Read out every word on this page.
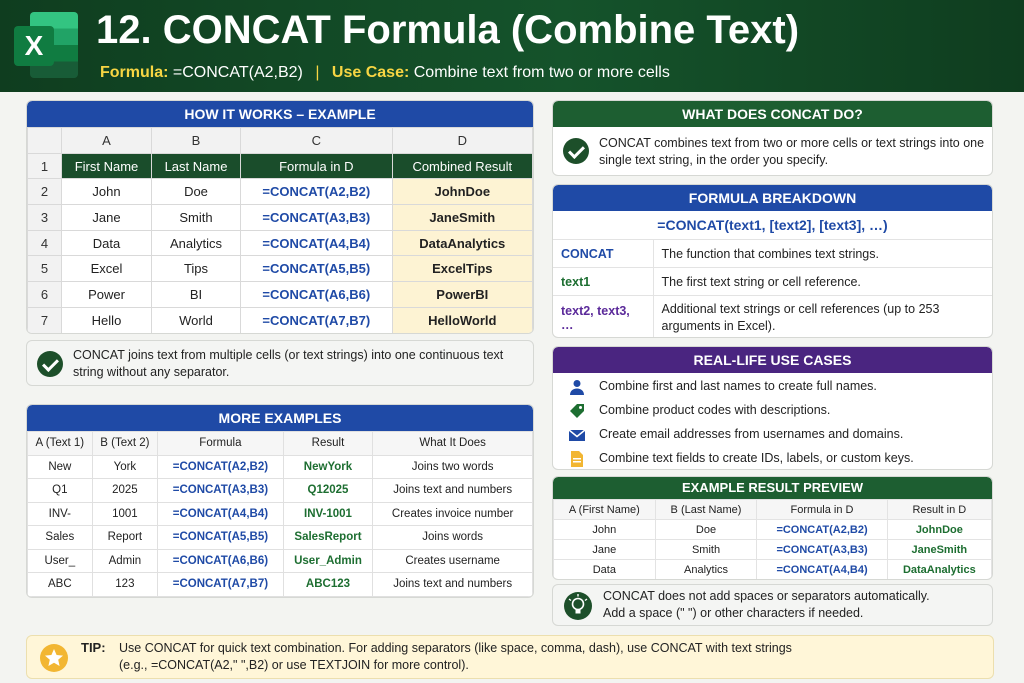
X 12. CONCAT Formula (Combine Text)
Formula: =CONCAT(A2,B2) | Use Case: Combine text from two or more cells
HOW IT WORKS – EXAMPLE
	A	B	C	D
1	First Name	Last Name	Formula in D	Combined Result
2	John	Doe	=CONCAT(A2,B2)	JohnDoe
3	Jane	Smith	=CONCAT(A3,B3)	JaneSmith
4	Data	Analytics	=CONCAT(A4,B4)	DataAnalytics
5	Excel	Tips	=CONCAT(A5,B5)	ExcelTips
6	Power	BI	=CONCAT(A6,B6)	PowerBI
7	Hello	World	=CONCAT(A7,B7)	HelloWorld
CONCAT joins text from multiple cells (or text strings) into one continuous text string without any separator.
MORE EXAMPLES
A (Text 1)	B (Text 2)	Formula	Result	What It Does
New	York	=CONCAT(A2,B2)	NewYork	Joins two words
Q1	2025	=CONCAT(A3,B3)	Q12025	Joins text and numbers
INV-	1001	=CONCAT(A4,B4)	INV-1001	Creates invoice number
Sales	Report	=CONCAT(A5,B5)	SalesReport	Joins words
User_	Admin	=CONCAT(A6,B6)	User_Admin	Creates username
ABC	123	=CONCAT(A7,B7)	ABC123	Joins text and numbers
WHAT DOES CONCAT DO?
CONCAT combines text from two or more cells or text strings into one single text string, in the order you specify.
FORMULA BREAKDOWN
=CONCAT(text1, [text2], [text3], …)
CONCAT	The function that combines text strings.
text1	The first text string or cell reference.
text2, text3, …	Additional text strings or cell references (up to 253 arguments in Excel).
REAL-LIFE USE CASES
Combine first and last names to create full names.
Combine product codes with descriptions.
Create email addresses from usernames and domains.
Combine text fields to create IDs, labels, or custom keys.
EXAMPLE RESULT PREVIEW
A (First Name)	B (Last Name)	Formula in D	Result in D
John	Doe	=CONCAT(A2,B2)	JohnDoe
Jane	Smith	=CONCAT(A3,B3)	JaneSmith
Data	Analytics	=CONCAT(A4,B4)	DataAnalytics
CONCAT does not add spaces or separators automatically.
Add a space (" ") or other characters if needed.
TIP: Use CONCAT for quick text combination. For adding separators (like space, comma, dash), use CONCAT with text strings
(e.g., =CONCAT(A2," ",B2) or use TEXTJOIN for more control).
